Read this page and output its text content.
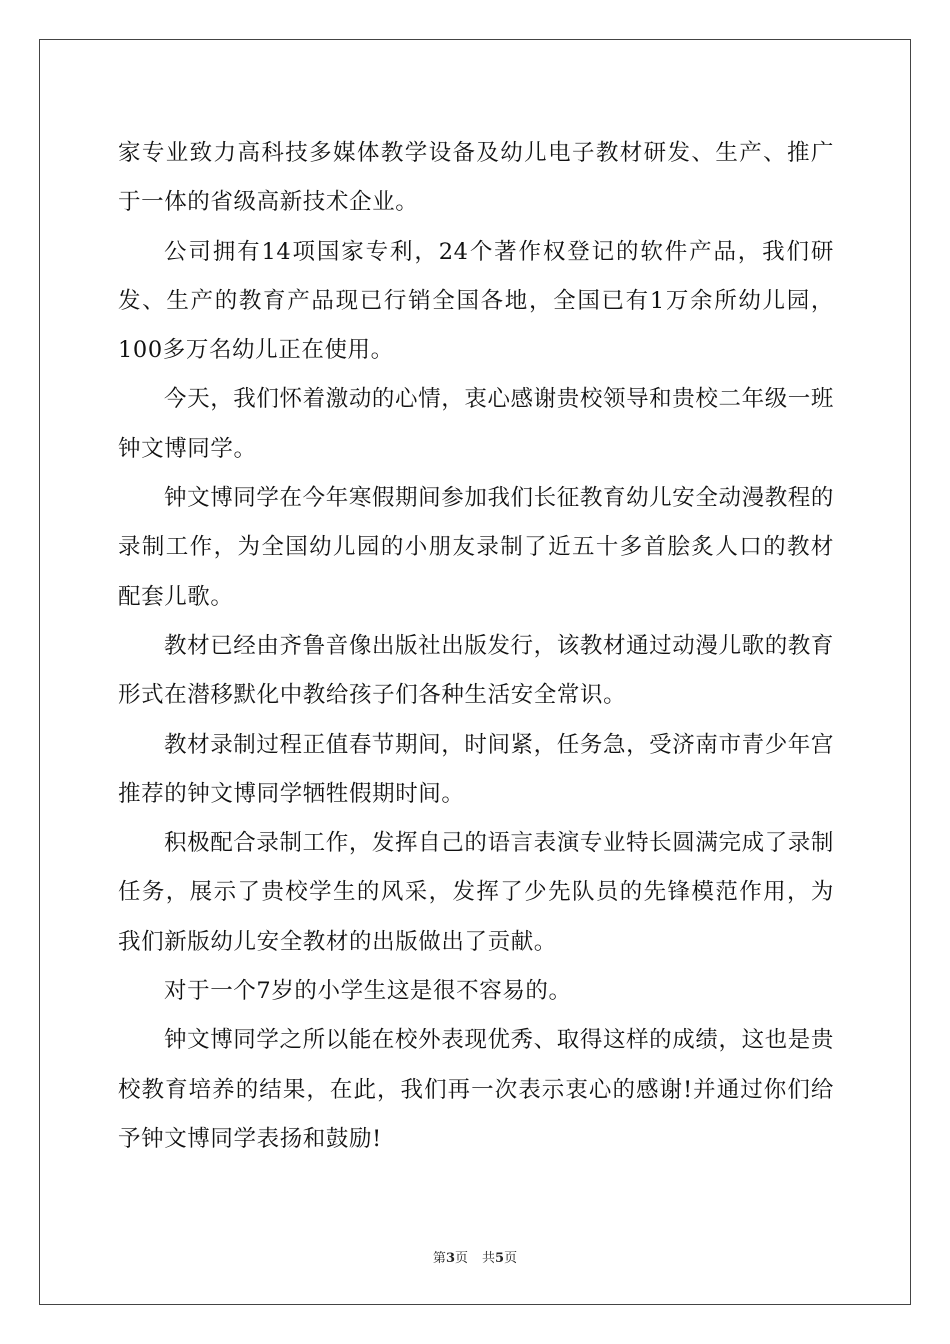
家专业致力高科技多媒体教学设备及幼儿电子教材研发、生产、推广于一体的省级高新技术企业。

公司拥有14项国家专利，24个著作权登记的软件产品，我们研发、生产的教育产品现已行销全国各地，全国已有1万余所幼儿园，100多万名幼儿正在使用。

今天，我们怀着激动的心情，衷心感谢贵校领导和贵校二年级一班钟文博同学。

钟文博同学在今年寒假期间参加我们长征教育幼儿安全动漫教程的录制工作，为全国幼儿园的小朋友录制了近五十多首脍炙人口的教材配套儿歌。

教材已经由齐鲁音像出版社出版发行，该教材通过动漫儿歌的教育形式在潜移默化中教给孩子们各种生活安全常识。

教材录制过程正值春节期间，时间紧，任务急，受济南市青少年宫推荐的钟文博同学牺牲假期时间。

积极配合录制工作，发挥自己的语言表演专业特长圆满完成了录制任务，展示了贵校学生的风采，发挥了少先队员的先锋模范作用，为我们新版幼儿安全教材的出版做出了贡献。

对于一个7岁的小学生这是很不容易的。

钟文博同学之所以能在校外表现优秀、取得这样的成绩，这也是贵校教育培养的结果，在此，我们再一次表示衷心的感谢!并通过你们给予钟文博同学表扬和鼓励!

第3页 共5页
